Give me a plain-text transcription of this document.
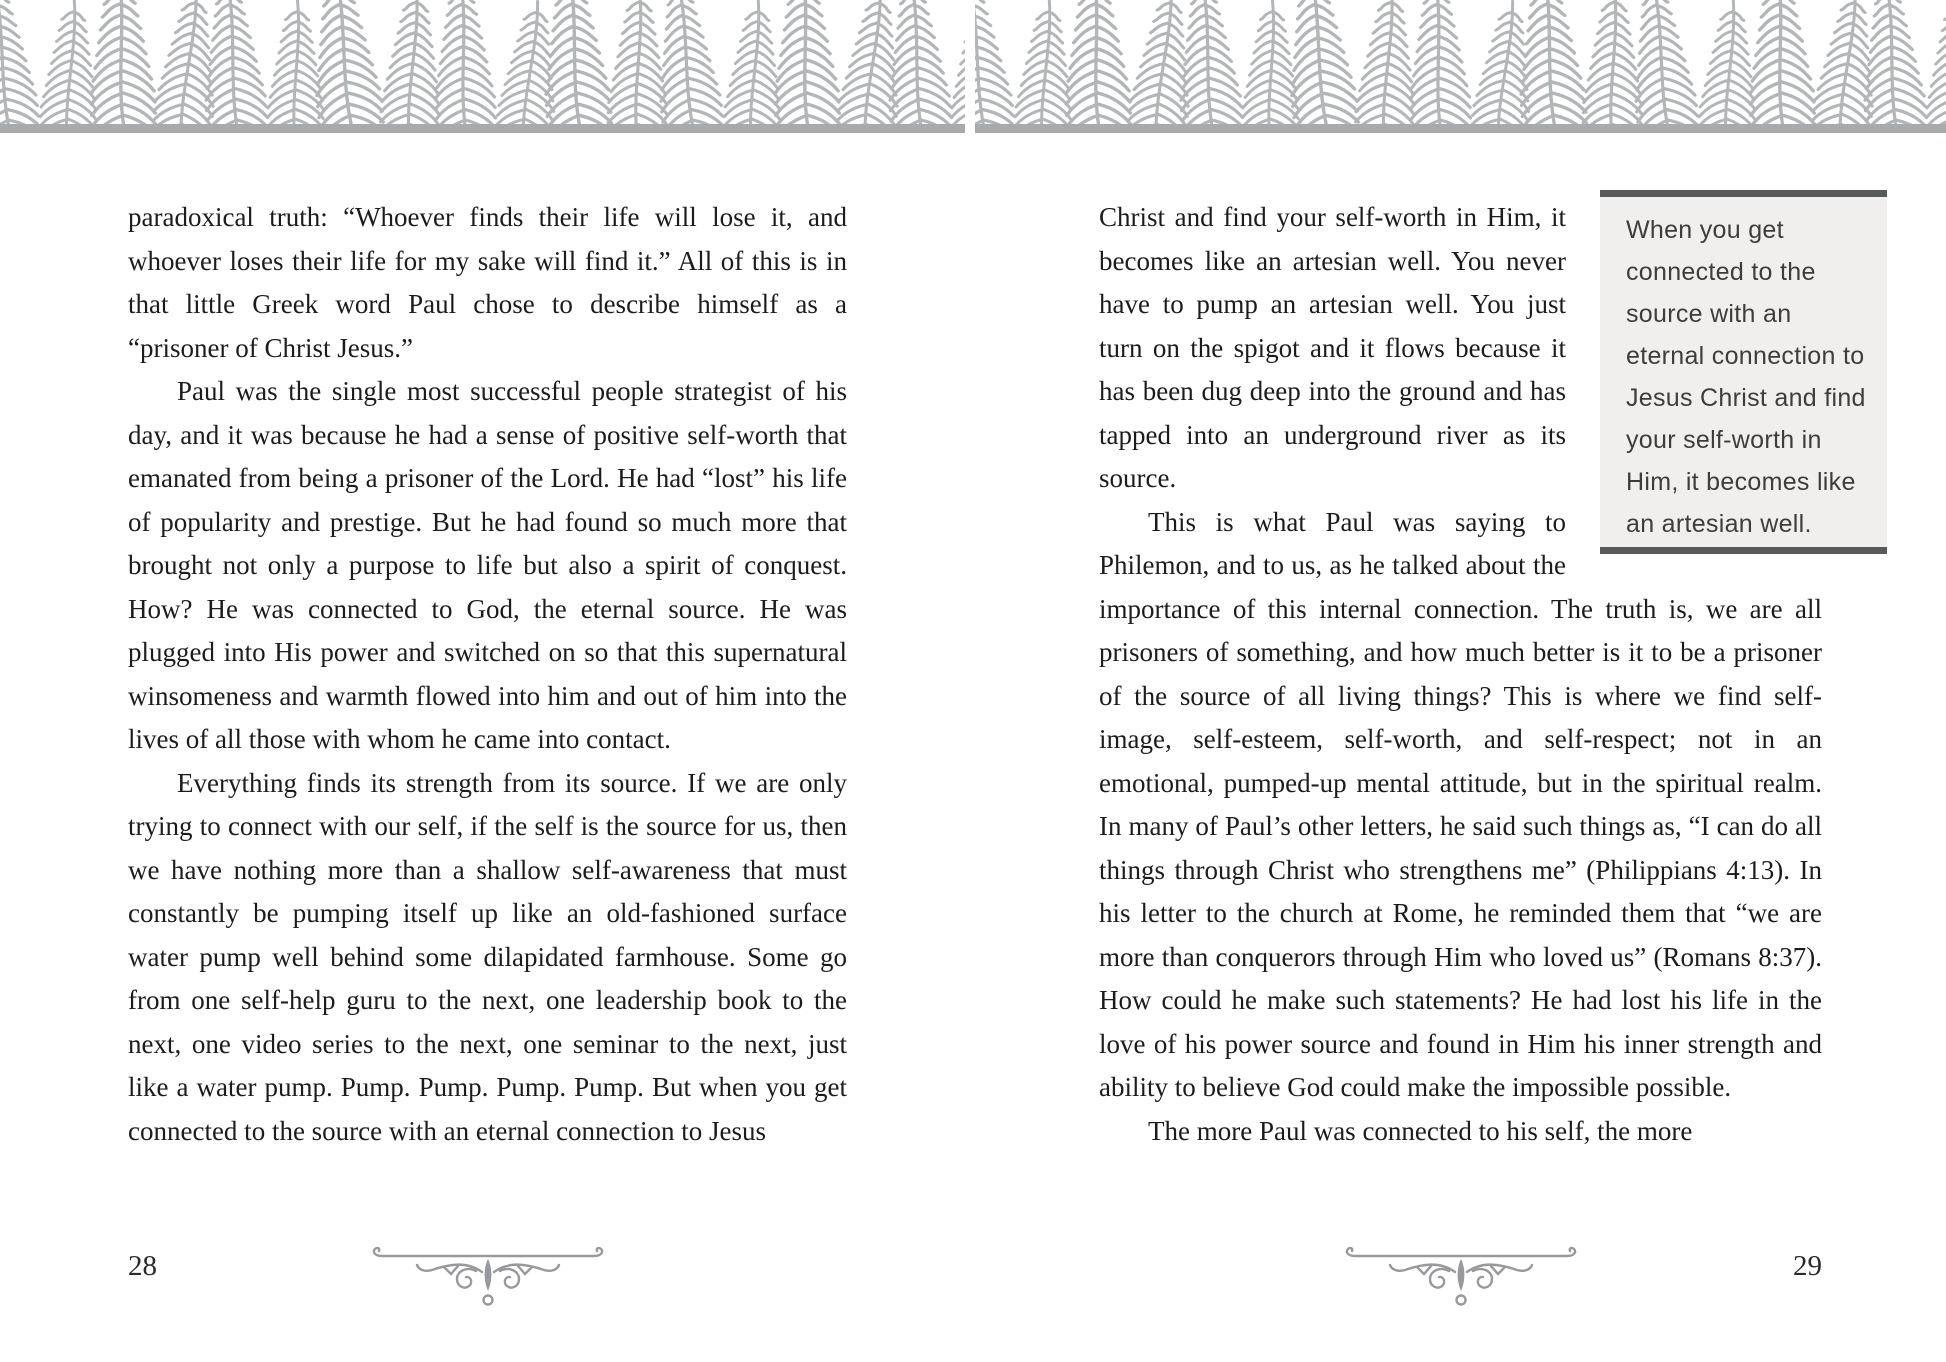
paradoxical truth: “Whoever finds their life will lose it, and whoever loses their life for my sake will find it.” All of this is in that little Greek word Paul chose to describe himself as a “prisoner of Christ Jesus.”

Paul was the single most successful people strategist of his day, and it was because he had a sense of positive self-worth that emanated from being a prisoner of the Lord. He had “lost” his life of popularity and prestige. But he had found so much more that brought not only a purpose to life but also a spirit of conquest. How? He was connected to God, the eternal source. He was plugged into His power and switched on so that this supernatural winsomeness and warmth flowed into him and out of him into the lives of all those with whom he came into contact.

Everything finds its strength from its source. If we are only trying to connect with our self, if the self is the source for us, then we have nothing more than a shallow self-awareness that must constantly be pumping itself up like an old-fashioned surface water pump well behind some dilapidated farmhouse. Some go from one self-help guru to the next, one leadership book to the next, one video series to the next, one seminar to the next, just like a water pump. Pump. Pump. Pump. Pump. But when you get connected to the source with an eternal connection to Jesus

When you get connected to the source with an eternal connection to Jesus Christ and find your self-worth in Him, it becomes like an artesian well.

Christ and find your self-worth in Him, it becomes like an artesian well. You never have to pump an artesian well. You just turn on the spigot and it flows because it has been dug deep into the ground and has tapped into an underground river as its source.

This is what Paul was saying to Philemon, and to us, as he talked about the importance of this internal connection. The truth is, we are all prisoners of something, and how much better is it to be a prisoner of the source of all living things? This is where we find self-image, self-esteem, self-worth, and self-respect; not in an emotional, pumped-up mental attitude, but in the spiritual realm. In many of Paul’s other letters, he said such things as, “I can do all things through Christ who strengthens me” (Philippians 4:13). In his letter to the church at Rome, he reminded them that “we are more than conquerors through Him who loved us” (Romans 8:37). How could he make such statements? He had lost his life in the love of his power source and found in Him his inner strength and ability to believe God could make the impossible possible.

The more Paul was connected to his self, the more

28	29
